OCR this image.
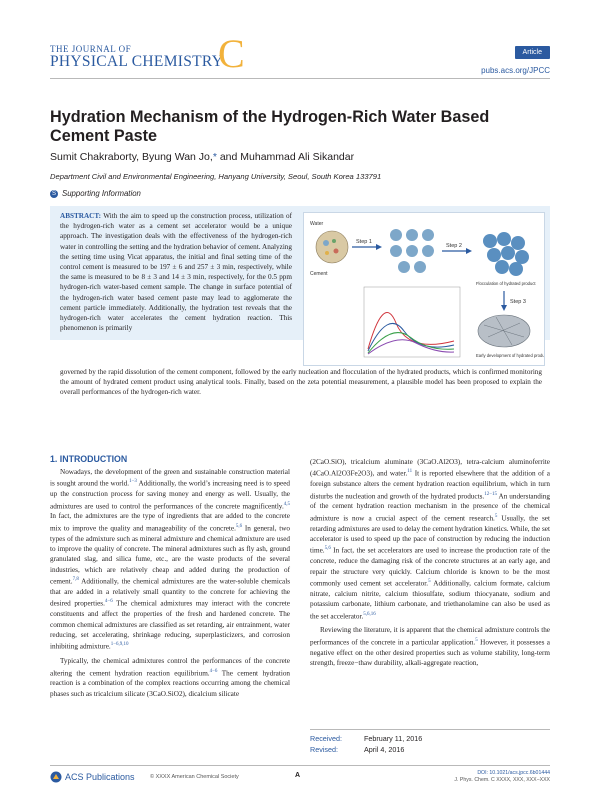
THE JOURNAL OF
PHYSICAL CHEMISTRY
C	Article
pubs.acs.org/JPCC
Hydration Mechanism of the Hydrogen-Rich Water Based Cement Paste
Sumit Chakraborty, Byung Wan Jo,* and Muhammad Ali Sikandar
Department Civil and Environmental Engineering, Hanyang University, Seoul, South Korea 133791
S Supporting Information
ABSTRACT: With the aim to speed up the construction process, utilization of the hydrogen-rich water as a cement set accelerator would be a unique approach. The investigation deals with the effectiveness of the hydrogen-rich water in controlling the setting and the hydration behavior of cement. Analyzing the setting time using Vicat apparatus, the initial and final setting time of the control cement is measured to be 197 ± 6 and 257 ± 3 min, respectively, while the same is measured to be 8 ± 3 and 14 ± 3 min, respectively, for the 0.5 ppm hydrogen-rich water-based cement sample. The change in surface potential of the hydrogen-rich water based cement paste may lead to agglomerate the cement particle immediately. Additionally, the hydration test reveals that the hydrogen-rich water accelerates the cement hydration reaction. This phenomenon is primarily
Water
Cement
Step 1
Step 2
Flocculation of hydrated product
Step 3
Early development of hydrated product
governed by the rapid dissolution of the cement component, followed by the early nucleation and flocculation of the hydrated products, which is confirmed monitoring the amount of hydrated cement product using analytical tools. Finally, based on the zeta potential measurement, a plausible model has been proposed to explain the overall performances of the hydrogen-rich water.
1. INTRODUCTION

Nowadays, the development of the green and sustainable construction material is sought around the world.$^{1-3}$ Additionally, the world’s increasing need is to speed up the construction process for saving money and energy as well. Usually, the admixtures are used to control the performances of the concrete magnificently.$^{4,5}$ In fact, the admixtures are the type of ingredients that are added to the concrete mix to improve the quality and manageability of the concrete.$^{5,6}$ In general, two types of the admixture such as mineral admixture and chemical admixture are used to improve the quality of concrete. The mineral admixtures such as fly ash, ground granulated slag, and silica fume, etc., are the waste products of the several industries, which are relatively cheap and added during the production of cement.$^{7,8}$ Additionally, the chemical admixtures are the water-soluble chemicals that are added in a relatively small quantity to the concrete for achieving the desired properties.$^{4-6}$ The chemical admixtures may interact with the concrete constituents and affect the properties of the fresh and hardened concrete. The common chemical admixtures are classified as set retarding, air entrainment, water reducing, set accelerating, shrinkage reducing, superplasticizers, and corrosion inhibiting admixture.$^{1-6,9,10}$

Typically, the chemical admixtures control the performances of the concrete altering the cement hydration reaction equilibrium.$^{4-6}$ The cement hydration reaction is a combination of the complex reactions occurring among the chemical phases such as tricalcium silicate (3CaO.SiO2), dicalcium silicate

(2CaO.SiO), tricalcium aluminate (3CaO.Al2O3), tetra-calcium aluminoferrite (4CaO.Al2O3Fe2O3), and water.$^{11}$ It is reported elsewhere that the addition of a foreign substance alters the cement hydration reaction equilibrium, which in turn disturbs the nucleation and growth of the hydrated products.$^{12-15}$ An understanding of the cement hydration reaction mechanism in the presence of the chemical admixture is now a crucial aspect of the cement research.$^5$ Usually, the set retarding admixtures are used to delay the cement hydration kinetics. While, the set accelerator is used to speed up the pace of construction by reducing the induction time.$^{5,6}$ In fact, the set accelerators are used to increase the production rate of the concrete, reduce the damaging risk of the concrete structures at an early age, and repair the structure very quickly. Calcium chloride is known to be the most commonly used cement set accelerator.$^5$ Additionally, calcium formate, calcium nitrate, calcium nitrite, calcium thiosulfate, sodium thiocyanate, sodium and potassium carbonate, lithium carbonate, and triethanolamine can also be used as the set accelerator.$^{5,6,16}$

Reviewing the literature, it is apparent that the chemical admixture controls the performances of the concrete in a particular application.$^5$ However, it possesses a negative effect on the other desired properties such as volume stability, long-term strength, freeze−thaw durability, alkali-aggregate reaction,

Received:	February 11, 2016
Revised:	April 4, 2016
ACS Publications	© XXXX American Chemical Society	A	DOI: 10.1021/acs.jpcc.6b01444
J. Phys. Chem. C XXXX, XXX, XXX−XXX
